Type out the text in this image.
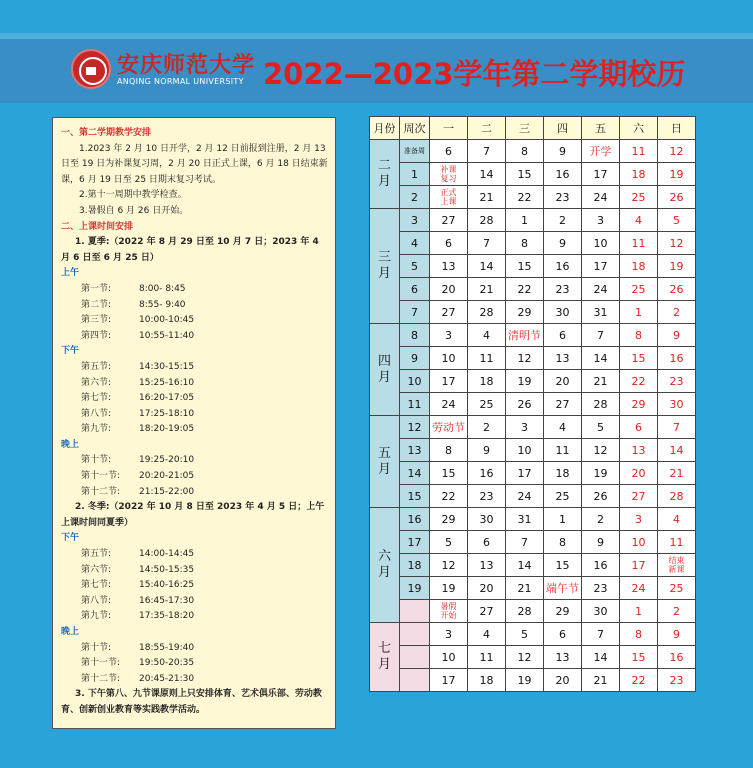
安庆师范大学
ANQING NORMAL UNIVERSITY 2022—2023学年第二学期校历
一、第二学期教学安排
1.2023 年 2 月 10 日开学，2 月 12 日前报到注册，2 月 13 日至 19 日为补课复习周，2 月 20 日正式上课，6 月 18 日结束新课，6 月 19 日至 25 日期末复习考试。
2.第十一周期中教学检查。
3.暑假自 6 月 26 日开始。
二、上课时间安排
1. 夏季:（2022 年 8 月 29 日至 10 月 7 日；2023 年 4 月 6 日至 6 月 25 日）
上午
第一节:	8:00- 8:45
第二节:	8:55- 9:40
第三节:	10:00-10:45
第四节:	10:55-11:40
下午
第五节:	14:30-15:15
第六节:	15:25-16:10
第七节:	16:20-17:05
第八节:	17:25-18:10
第九节:	18:20-19:05
晚上
第十节:	19:25-20:10
第十一节:	20:20-21:05
第十二节:	21:15-22:00
2. 冬季:（2022 年 10 月 8 日至 2023 年 4 月 5 日；上午上课时间同夏季）
下午
第五节:	14:00-14:45
第六节:	14:50-15:35
第七节:	15:40-16:25
第八节:	16:45-17:30
第九节:	17:35-18:20
晚上
第十节:	18:55-19:40
第十一节:	19:50-20:35
第十二节:	20:45-21:30
3. 下午第八、九节课原则上只安排体育、艺术俱乐部、劳动教育、创新创业教育等实践教学活动。
月份	周次	一	二	三	四	五	六	日
二月	准备周	6	7	8	9	开学	11	12
	1	补课复习	14	15	16	17	18	19
	2	正式上课	21	22	23	24	25	26
三月	3	27	28	1	2	3	4	5
	4	6	7	8	9	10	11	12
	5	13	14	15	16	17	18	19
	6	20	21	22	23	24	25	26
	7	27	28	29	30	31	1	2
四月	8	3	4	清明节	6	7	8	9
	9	10	11	12	13	14	15	16
	10	17	18	19	20	21	22	23
	11	24	25	26	27	28	29	30
五月	12	劳动节	2	3	4	5	6	7
	13	8	9	10	11	12	13	14
	14	15	16	17	18	19	20	21
	15	22	23	24	25	26	27	28
六月	16	29	30	31	1	2	3	4
	17	5	6	7	8	9	10	11
	18	12	13	14	15	16	17	结束新课
	19	19	20	21	端午节	23	24	25
		暑假开始	27	28	29	30	1	2
七月		3	4	5	6	7	8	9
		10	11	12	13	14	15	16
		17	18	19	20	21	22	23
